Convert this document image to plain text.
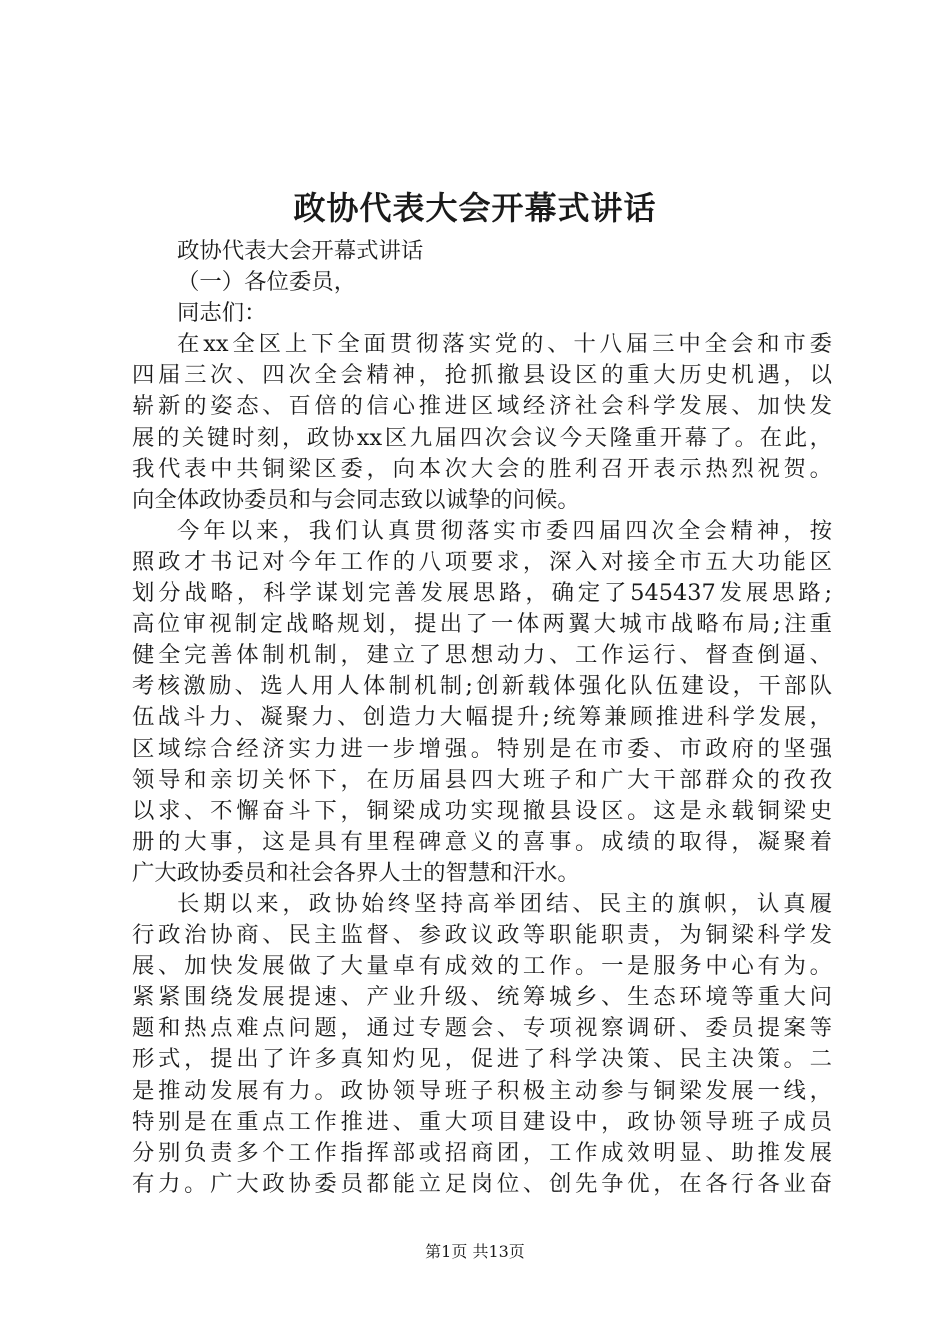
政协代表大会开幕式讲话
政协代表大会开幕式讲话
（一）各位委员，
同志们：
在xx全区上下全面贯彻落实党的、十八届三中全会和市委
四届三次、四次全会精神，抢抓撤县设区的重大历史机遇，以
崭新的姿态、百倍的信心推进区域经济社会科学发展、加快发
展的关键时刻，政协xx区九届四次会议今天隆重开幕了。在此，
我代表中共铜梁区委，向本次大会的胜利召开表示热烈祝贺。
向全体政协委员和与会同志致以诚挚的问候。
今年以来，我们认真贯彻落实市委四届四次全会精神，按
照政才书记对今年工作的八项要求，深入对接全市五大功能区
划分战略，科学谋划完善发展思路，确定了545437发展思路;
高位审视制定战略规划，提出了一体两翼大城市战略布局;注重
健全完善体制机制，建立了思想动力、工作运行、督查倒逼、
考核激励、选人用人体制机制;创新载体强化队伍建设，干部队
伍战斗力、凝聚力、创造力大幅提升;统筹兼顾推进科学发展，
区域综合经济实力进一步增强。特别是在市委、市政府的坚强
领导和亲切关怀下，在历届县四大班子和广大干部群众的孜孜
以求、不懈奋斗下，铜梁成功实现撤县设区。这是永载铜梁史
册的大事，这是具有里程碑意义的喜事。成绩的取得，凝聚着
广大政协委员和社会各界人士的智慧和汗水。
长期以来，政协始终坚持高举团结、民主的旗帜，认真履
行政治协商、民主监督、参政议政等职能职责，为铜梁科学发
展、加快发展做了大量卓有成效的工作。一是服务中心有为。
紧紧围绕发展提速、产业升级、统筹城乡、生态环境等重大问
题和热点难点问题，通过专题会、专项视察调研、委员提案等
形式，提出了许多真知灼见，促进了科学决策、民主决策。二
是推动发展有力。政协领导班子积极主动参与铜梁发展一线，
特别是在重点工作推进、重大项目建设中，政协领导班子成员
分别负责多个工作指挥部或招商团，工作成效明显、助推发展
有力。广大政协委员都能立足岗位、创先争优，在各行各业奋
第1页 共13页
